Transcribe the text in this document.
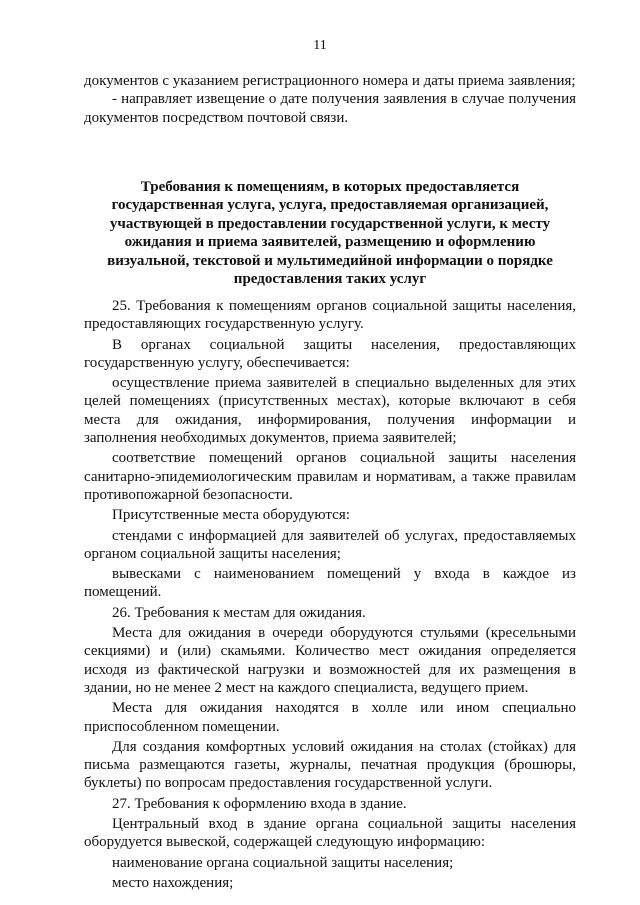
11

документов с указанием регистрационного номера и даты приема заявления;

- направляет извещение о дате получения заявления в случае получения документов посредством почтовой связи.

Требования к помещениям, в которых предоставляется государственная услуга, услуга, предоставляемая организацией, участвующей в предоставлении государственной услуги, к месту ожидания и приема заявителей, размещению и оформлению визуальной, текстовой и мультимедийной информации о порядке предоставления таких услуг

25. Требования к помещениям органов социальной защиты населения, предоставляющих государственную услугу.

В органах социальной защиты населения, предоставляющих государственную услугу, обеспечивается:

осуществление приема заявителей в специально выделенных для этих целей помещениях (присутственных местах), которые включают в себя места для ожидания, информирования, получения информации и заполнения необходимых документов, приема заявителей;

соответствие помещений органов социальной защиты населения санитарно-эпидемиологическим правилам и нормативам, а также правилам противопожарной безопасности.

Присутственные места оборудуются:

стендами с информацией для заявителей об услугах, предоставляемых органом социальной защиты населения;

вывесками с наименованием помещений у входа в каждое из помещений.

26. Требования к местам для ожидания.

Места для ожидания в очереди оборудуются стульями (кресельными секциями) и (или) скамьями. Количество мест ожидания определяется исходя из фактической нагрузки и возможностей для их размещения в здании, но не менее 2 мест на каждого специалиста, ведущего прием.

Места для ожидания находятся в холле или ином специально приспособленном помещении.

Для создания комфортных условий ожидания на столах (стойках) для письма размещаются газеты, журналы, печатная продукция (брошюры, буклеты) по вопросам предоставления государственной услуги.

27. Требования к оформлению входа в здание.

Центральный вход в здание органа социальной защиты населения оборудуется вывеской, содержащей следующую информацию:

наименование органа социальной защиты населения;

место нахождения;
